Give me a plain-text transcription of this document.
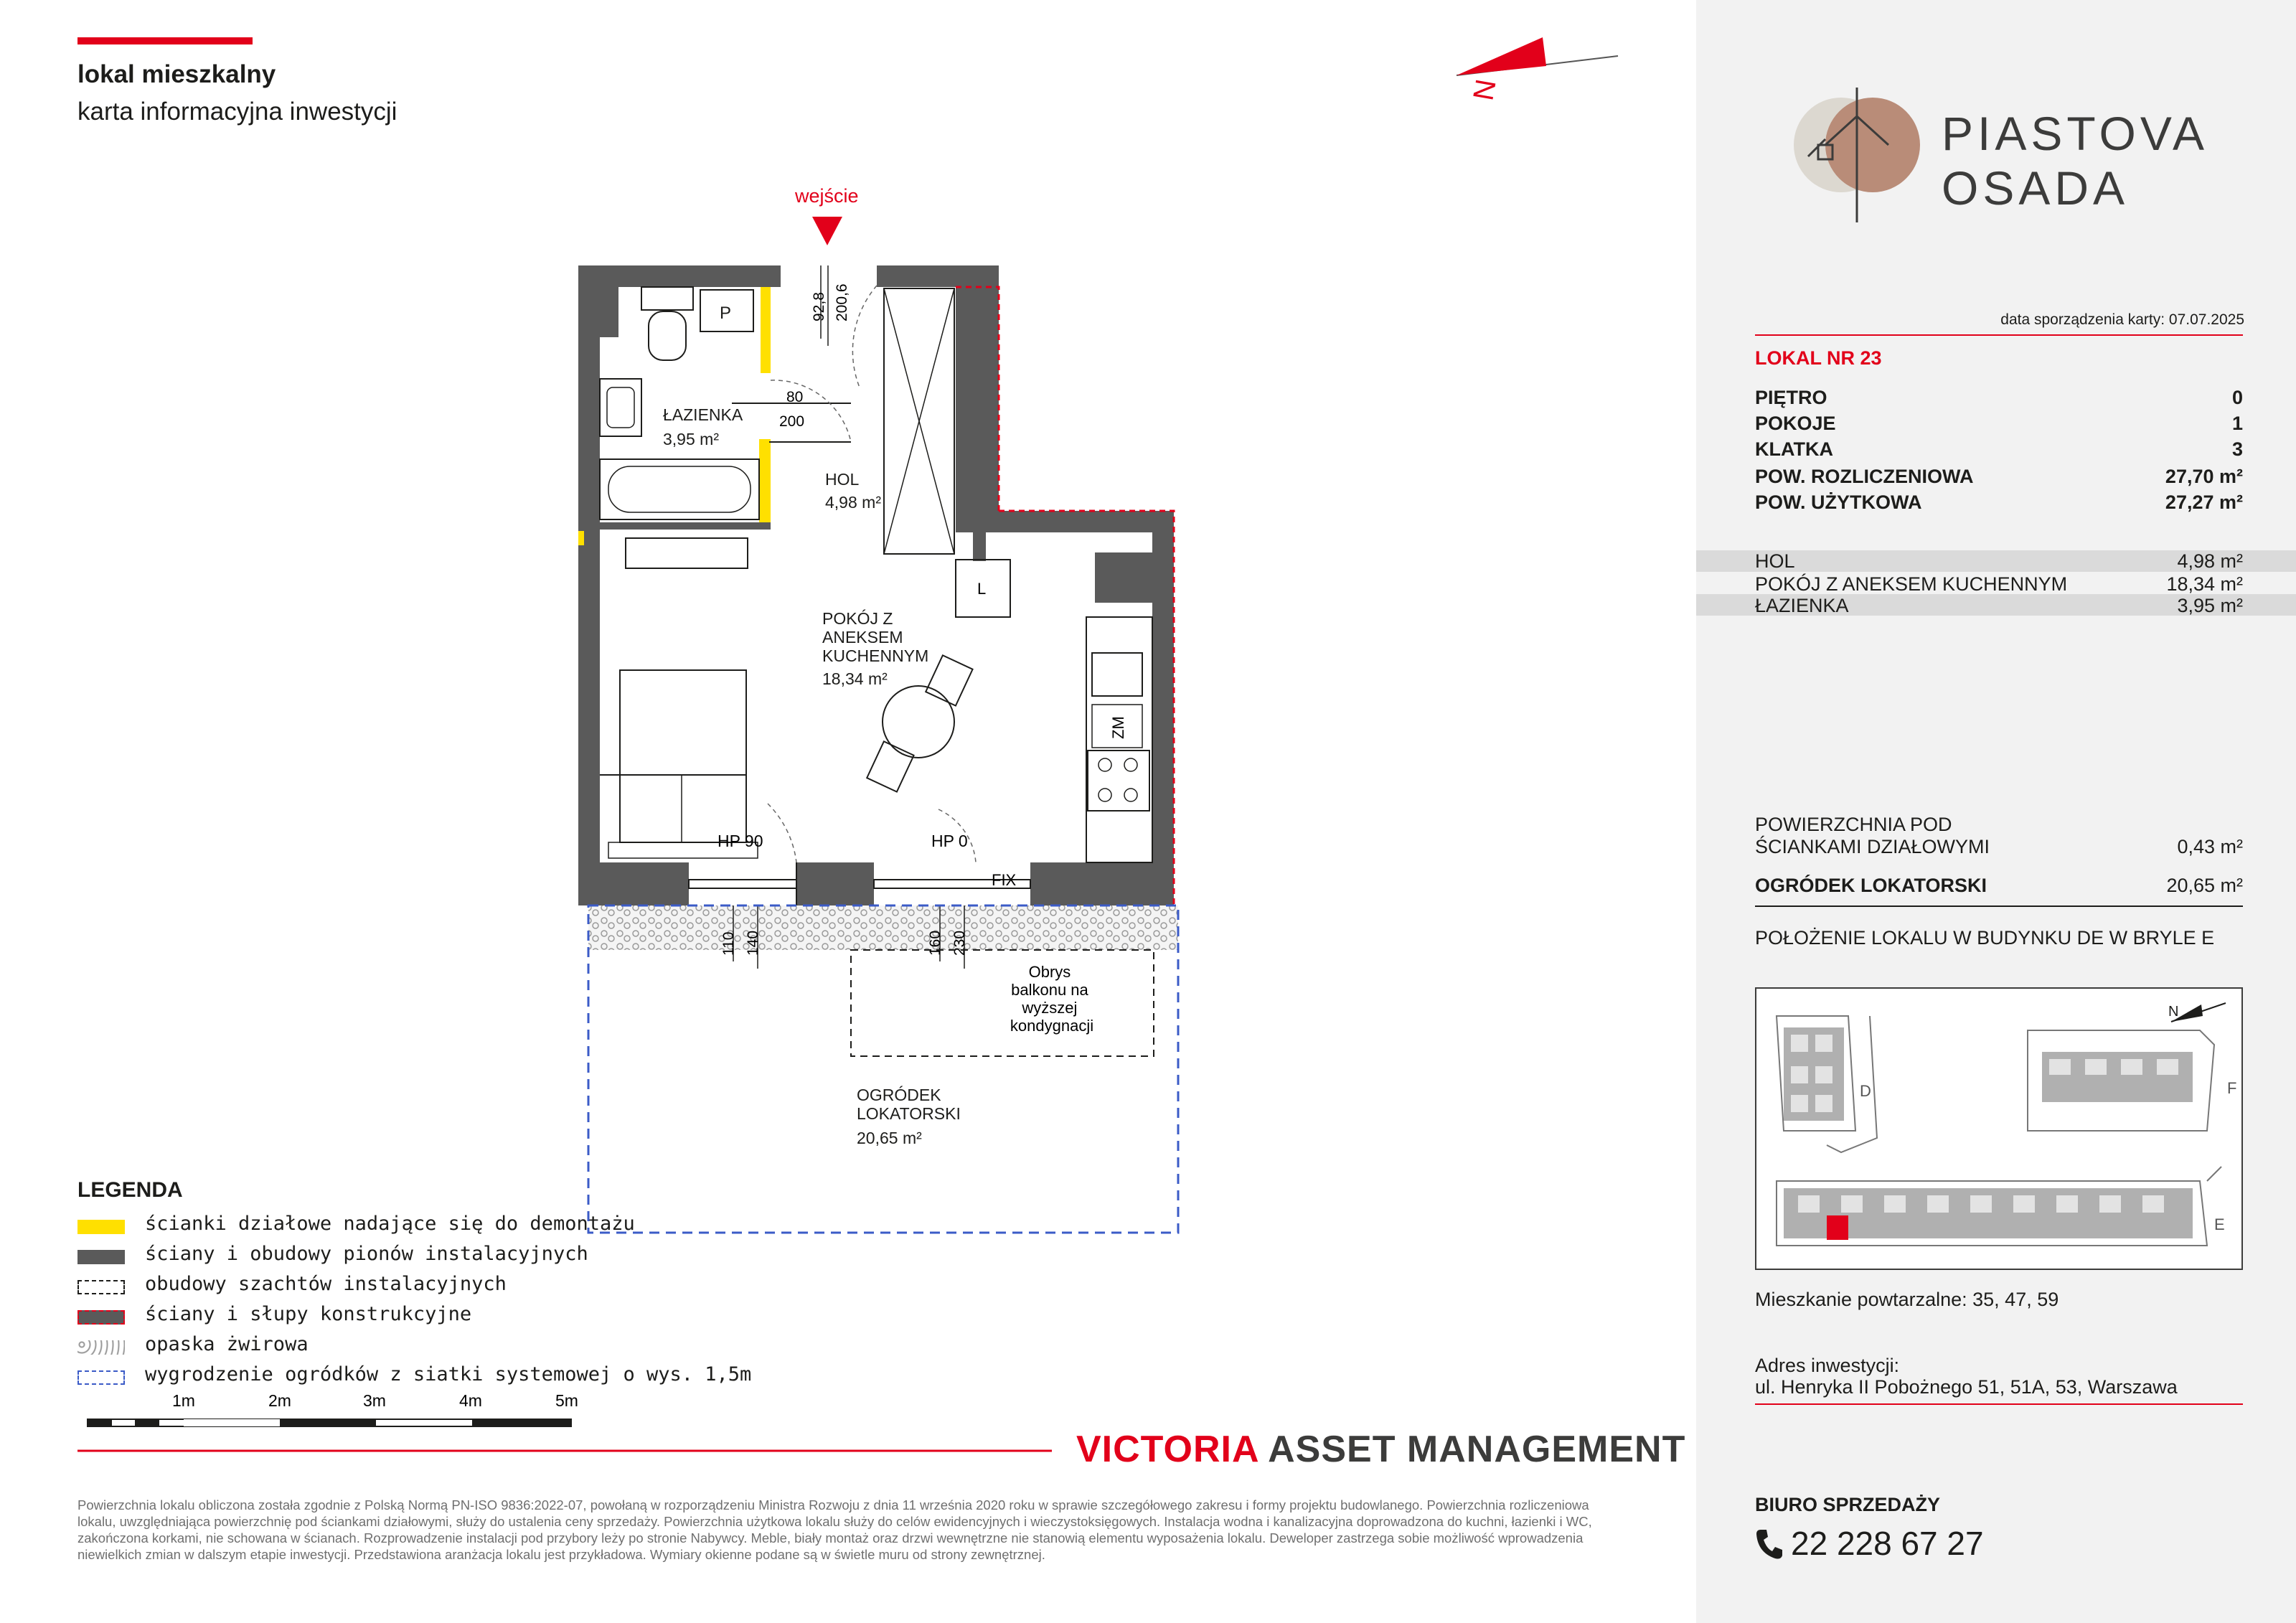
lokal mieszkalny
karta informacyjna inwestycji
N
wejście
P
80
200
92,8 200,6
L
ZM
HP 90	HP 0
FIX
110 140	160 230
Obrys balkonu na wyższej kondygnacji
ŁAZIENKA
3,95 m²
HOL
4,98 m²
POKÓJ Z
ANEKSEM
KUCHENNYM
18,34 m²
OGRÓDEK
LOKATORSKI
20,65 m²
1m	2m	3m	4m	5m
LEGENDA
ścianki działowe nadające się do demontażu
ściany i obudowy pionów instalacyjnych
obudowy szachtów instalacyjnych
ściany i słupy konstrukcyjne
opaska żwirowa
wygrodzenie ogródków z siatki systemowej o wys. 1,5m
VICTORIA ASSET MANAGEMENT
Powierzchnia lokalu obliczona została zgodnie z Polską Normą PN-ISO 9836:2022-07, powołaną w rozporządzeniu Ministra Rozwoju z dnia 11 września 2020 roku w sprawie szczegółowego zakresu i formy projektu budowlanego. Powierzchnia rozliczeniowa lokalu, uwzględniająca powierzchnię pod ściankami działowymi, służy do ustalenia ceny sprzedaży. Powierzchnia użytkowa lokalu służy do celów ewidencyjnych i wieczystoksięgowych. Instalacja wodna i kanalizacyjna doprowadzona do kuchni, łazienki i WC, zakończona korkami, nie schowana w ścianach. Rozprowadzenie instalacji pod przybory leży po stronie Nabywcy. Meble, biały montaż oraz drzwi wewnętrzne nie stanowią elementu wyposażenia lokalu. Deweloper zastrzega sobie możliwość wprowadzenia niewielkich zmian w dalszym etapie inwestycji. Przedstawiona aranżacja lokalu jest przykładowa. Wymiary okienne podane są w świetle muru od strony zewnętrznej.
PIASTOVA
OSADA
data sporządzenia karty: 07.07.2025
LOKAL NR 23
PIĘTRO	0
POKOJE	1
KLATKA	3
POW. ROZLICZENIOWA	27,70 m²
POW. UŻYTKOWA	27,27 m²
HOL	4,98 m²
POKÓJ Z ANEKSEM KUCHENNYM	18,34 m²
ŁAZIENKA	3,95 m²
POWIERZCHNIA POD
ŚCIANKAMI DZIAŁOWYMI	0,43 m²
OGRÓDEK LOKATORSKI	20,65 m²
POŁOŻENIE LOKALU W BUDYNKU DE W BRYLE E
N
D	F
E
Mieszkanie powtarzalne: 35, 47, 59
Adres inwestycji:
ul. Henryka II Pobożnego 51, 51A, 53, Warszawa
BIURO SPRZEDAŻY
22 228 67 27
